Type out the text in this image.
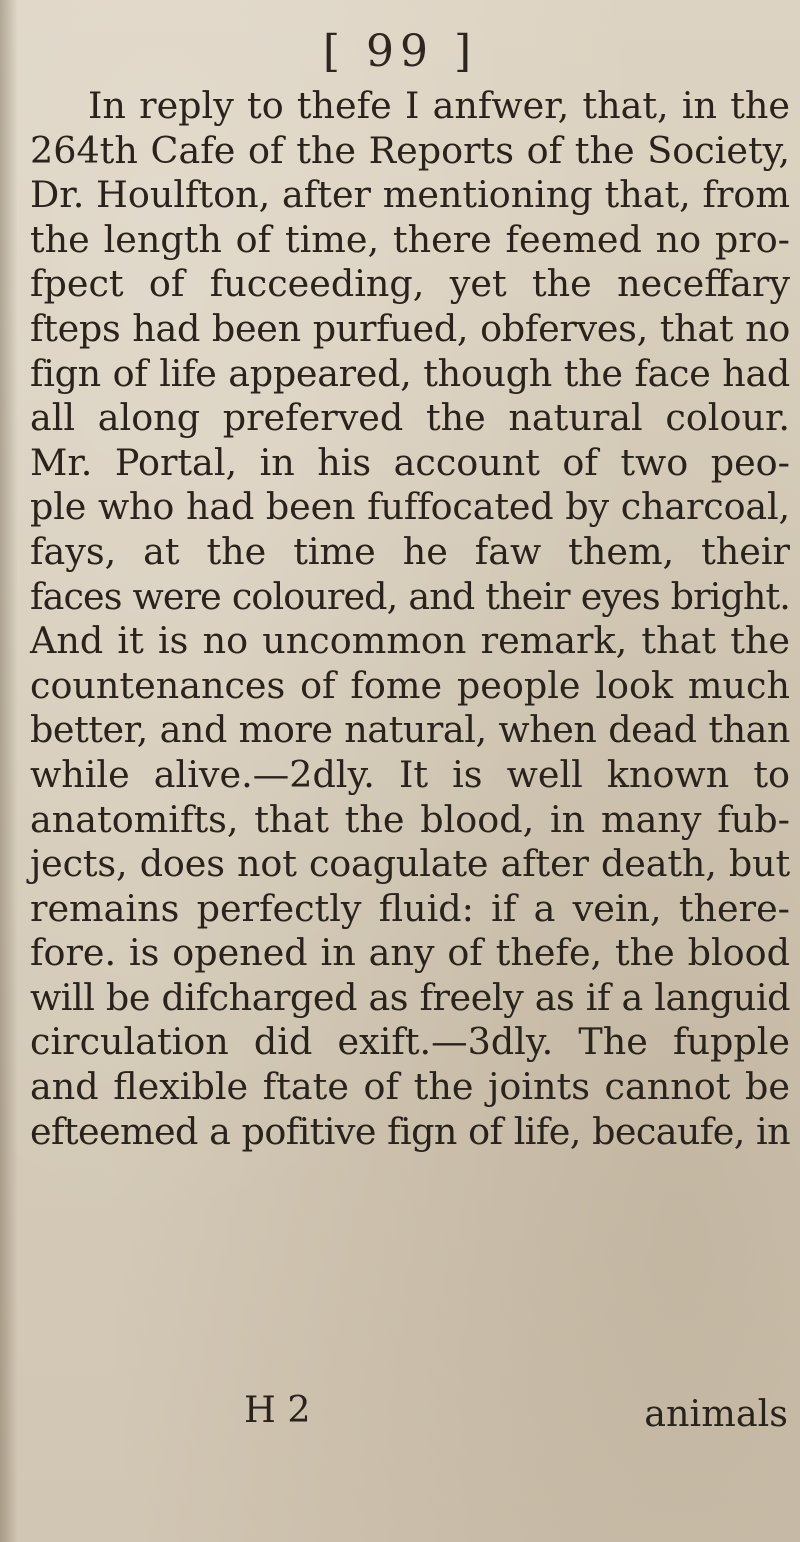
[ 99 ]
In reply to thefe I anfwer, that, in the
264th Cafe of the Reports of the Society,
Dr. Houlfton, after mentioning that, from
the length of time, there feemed no pro-
fpect of fucceeding, yet the neceffary
fteps had been purfued, obferves, that no
fign of life appeared, though the face had
all along preferved the natural colour.
Mr. Portal, in his account of two peo-
ple who had been fuffocated by charcoal,
fays, at the time he faw them, their
faces were coloured, and their eyes bright.
And it is no uncommon remark, that the
countenances of fome people look much
better, and more natural, when dead than
while alive.—2dly. It is well known to
anatomifts, that the blood, in many fub-
jects, does not coagulate after death, but
remains perfectly fluid: if a vein, there-
fore. is opened in any of thefe, the blood
will be difcharged as freely as if a languid
circulation did exift.—3dly. The fupple
and flexible ftate of the joints cannot be
efteemed a pofitive fign of life, becaufe, in
H 2	animals
